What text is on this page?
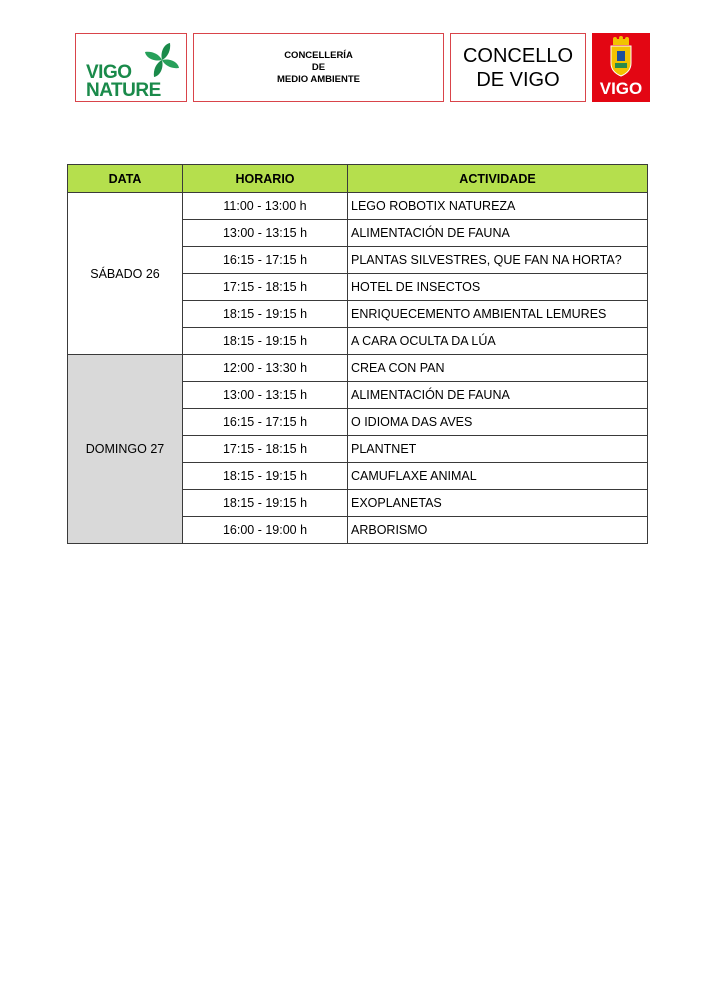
VIGO
NATURE
CONCELLERÍA
DE
MEDIO AMBIENTE
CONCELLO
DE VIGO	VIGO
DATA	HORARIO	ACTIVIDADE
SÁBADO 26	11:00 - 13:00 h	LEGO ROBOTIX NATUREZA
	13:00 - 13:15 h	ALIMENTACIÓN DE FAUNA
	16:15 - 17:15 h	PLANTAS SILVESTRES, QUE FAN NA HORTA?
	17:15 - 18:15 h	HOTEL DE INSECTOS
	18:15 - 19:15 h	ENRIQUECEMENTO AMBIENTAL LEMURES
	18:15 - 19:15 h	A CARA OCULTA DA LÚA
DOMINGO 27	12:00 - 13:30 h	CREA CON PAN
	13:00 - 13:15 h	ALIMENTACIÓN DE FAUNA
	16:15 - 17:15 h	O IDIOMA DAS AVES
	17:15 - 18:15 h	PLANTNET
	18:15 - 19:15 h	CAMUFLAXE ANIMAL
	18:15 - 19:15 h	EXOPLANETAS
	16:00 - 19:00 h	ARBORISMO
